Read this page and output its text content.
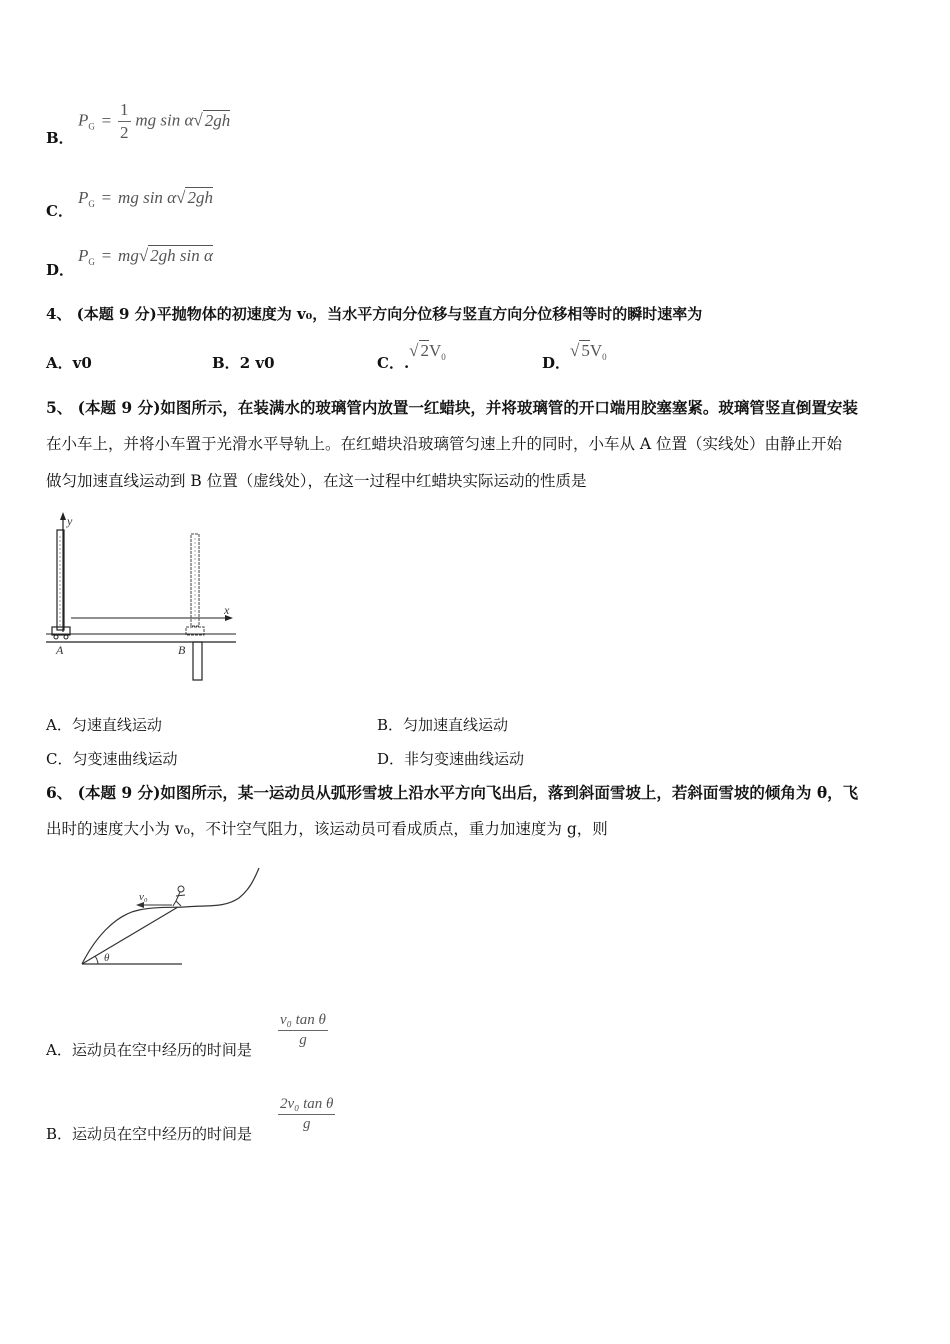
B．
$P_G = \frac{1}{2}$ mg sin α√ 2gh
C．
$P_G$ = mg sin α√ 2gh
D．
$P_G = mg√$ 2gh sin α
4、 (本题 9 分)平抛物体的初速度为 v₀，当水平方向分位移与竖直方向分位移相等时的瞬时速率为
A．v0	B．2 v0	C．.√ $2V_0$	D．√ $5V_0$
5、 (本题 9 分)如图所示，在装满水的玻璃管内放置一红蜡块，并将玻璃管的开口端用胶塞塞紧。玻璃管竖直倒置安装
在小车上，并将小车置于光滑水平导轨上。在红蜡块沿玻璃管匀速上升的同时，小车从 A 位置（实线处）由静止开始
做匀加速直线运动到 B 位置（虚线处），在这一过程中红蜡块实际运动的性质是
y
x
A	B
A．匀速直线运动	B．匀加速直线运动
C．匀变速曲线运动	D．非匀变速曲线运动
6、 (本题 9 分)如图所示，某一运动员从弧形雪坡上沿水平方向飞出后，落到斜面雪坡上，若斜面雪坡的倾角为 θ，飞
出时的速度大小为 v₀，不计空气阻力，该运动员可看成质点，重力加速度为 g，则
v₀
θ
A．运动员在空中经历的时间是
$\frac{\text{v₀ tan θ}}{g}$
B．运动员在空中经历的时间是
$\frac{\text{2v₀ tan θ}}{g}$
